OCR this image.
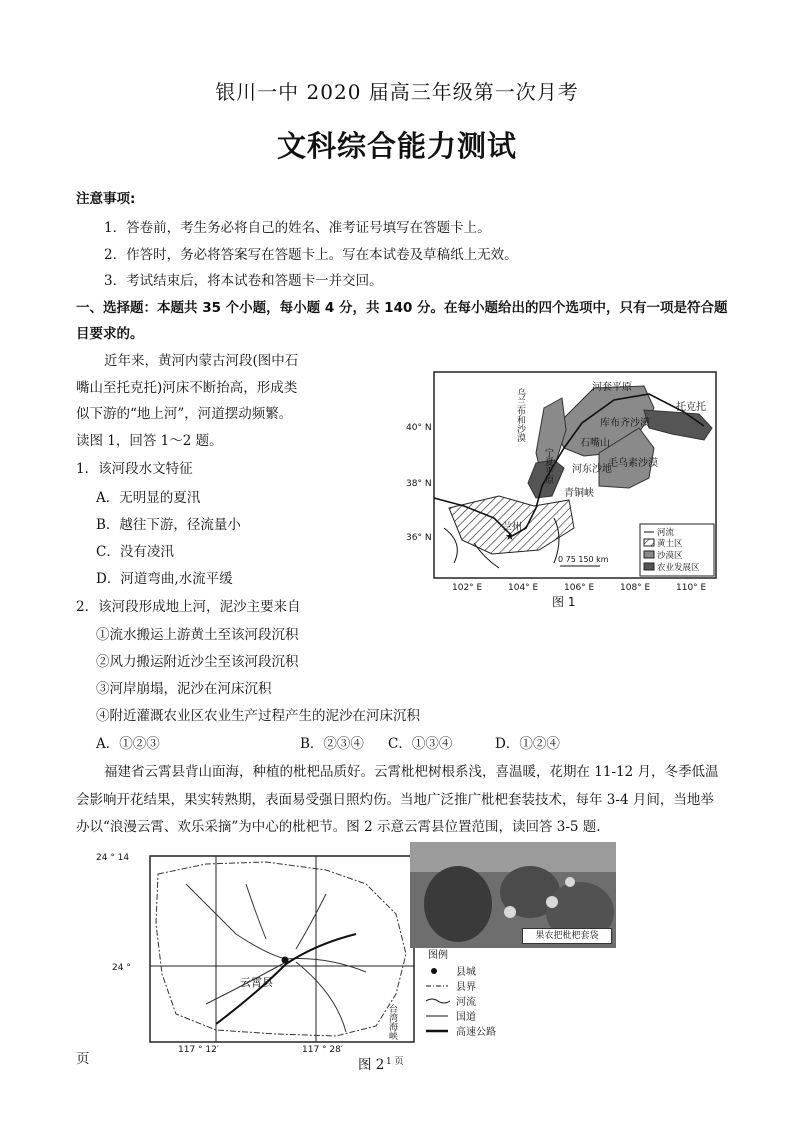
银川一中 2020 届高三年级第一次月考
文科综合能力测试
注意事项:
1．答卷前，考生务必将自己的姓名、准考证号填写在答题卡上。
2．作答时，务必将答案写在答题卡上。写在本试卷及草稿纸上无效。
3．考试结束后，将本试卷和答题卡一并交回。
一、选择题：本题共 35 个小题，每小题 4 分，共 140 分。在每小题给出的四个选项中，只有一项是符合题
目要求的。
近年来，黄河内蒙古河段(图中石
嘴山至托克托)河床不断抬高，形成类
似下游的“地上河”，河道摆动频繁。
读图 1，回答 1～2 题。
1．该河段水文特征
A．无明显的夏汛
B．越往下游，径流量小
C．没有凌汛
D．河道弯曲,水流平缓
2．该河段形成地上河，泥沙主要来自
①流水搬运上游黄土至该河段沉积
②风力搬运附近沙尘至该河段沉积
③河岸崩塌，泥沙在河床沉积
④附近灌溉农业区农业生产过程产生的泥沙在河床沉积
A．①②③	B．②③④ C．①③④	D．①②④
福建省云霄县背山面海，种植的枇杷品质好。云霄枇杷树根系浅，喜温暖，花期在 11-12 月，冬季低温
会影响开花结果，果实转熟期，表面易受强日照灼伤。当地广泛推广枇杷套装技术，每年 3-4 月间，当地举
办以“浪漫云霄、欢乐采摘”为中心的枇杷节。图 2 示意云霄县位置范围，读回答 3-5 题.
★
40° N
38° N
36° N
102° E	104° E	106° E	108° E	110° E
河套平原
库布齐沙漠
托克托
石嘴山
毛乌素沙漠
河东沙地
青铜峡
兰州
乌兰布和沙漠
宁夏平原
河流
黄土区
沙漠区
农业发展区
0 75 150 km
图 1
云霄县
台湾海峡
24 ° 14
24 °
117 ° 12′	117 ° 28′
果农把枇杷套袋
图例
县城
县界
河流
国道
高速公路
图 2 1 页
页
